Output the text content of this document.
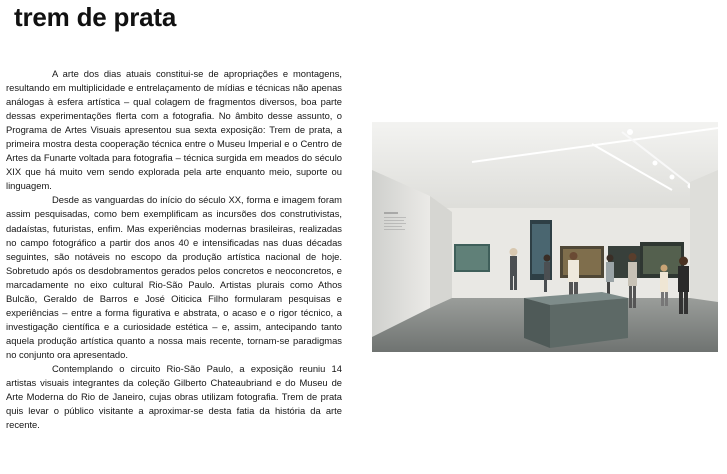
trem de prata

A arte dos dias atuais constitui-se de apropriações e montagens, resultando em multiplicidade e entrelaçamento de mídias e técnicas não apenas análogas à esfera artística – qual colagem de fragmentos diversos, boa parte dessas experimentações flerta com a fotografia. No âmbito desse assunto, o Programa de Artes Visuais apresentou sua sexta exposição: Trem de prata, a primeira mostra desta cooperação técnica entre o Museu Imperial e o Centro de Artes da Funarte voltada para fotografia – técnica surgida em meados do século XIX que há muito vem sendo explorada pela arte enquanto meio, suporte ou linguagem.

Desde as vanguardas do início do século XX, forma e imagem foram assim pesquisadas, como bem exemplificam as incursões dos construtivistas, dadaístas, futuristas, enfim. Mas experiências modernas brasileiras, realizadas no campo fotográfico a partir dos anos 40 e intensificadas nas duas décadas seguintes, são notáveis no escopo da produção artística nacional de hoje. Sobretudo após os desdobramentos gerados pelos concretos e neoconcretos, e marcadamente no eixo cultural Rio-São Paulo. Artistas plurais como Athos Bulcão, Geraldo de Barros e José Oiticica Filho formularam pesquisas e experiências – entre a forma figurativa e abstrata, o acaso e o rigor técnico, a investigação científica e a curiosidade estética – e, assim, antecipando tanto aquela produção artística quanto a nossa mais recente, tornam-se paradigmas no conjunto ora apresentado.

Contemplando o circuito Rio-São Paulo, a exposição reuniu 14 artistas visuais integrantes da coleção Gilberto Chateaubriand e do Museu de Arte Moderna do Rio de Janeiro, cujas obras utilizam fotografia. Trem de prata quis levar o público visitante a aproximar-se desta fatia da história da arte recente.
